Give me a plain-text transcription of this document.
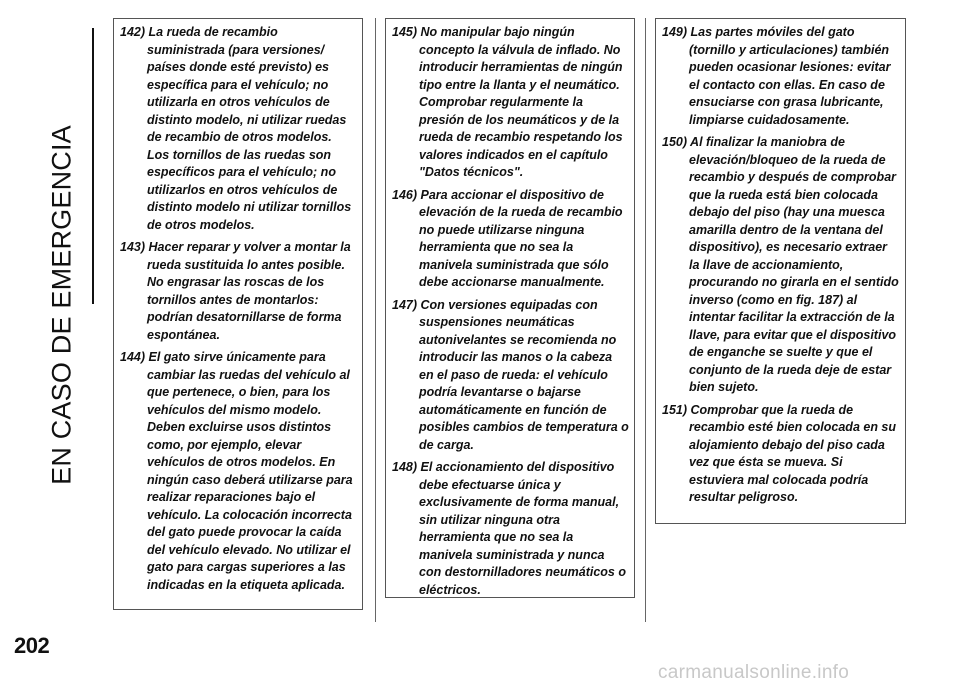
EN CASO DE EMERGENCIA
142) La rueda de recambio suministrada (para versiones/ países donde esté previsto) es específica para el vehículo; no utilizarla en otros vehículos de distinto modelo, ni utilizar ruedas de recambio de otros modelos. Los tornillos de las ruedas son específicos para el vehículo; no utilizarlos en otros vehículos de distinto modelo ni utilizar tornillos de otros modelos.
143) Hacer reparar y volver a montar la rueda sustituida lo antes posible. No engrasar las roscas de los tornillos antes de montarlos: podrían desatornillarse de forma espontánea.
144) El gato sirve únicamente para cambiar las ruedas del vehículo al que pertenece, o bien, para los vehículos del mismo modelo. Deben excluirse usos distintos como, por ejemplo, elevar vehículos de otros modelos. En ningún caso deberá utilizarse para realizar reparaciones bajo el vehículo. La colocación incorrecta del gato puede provocar la caída del vehículo elevado. No utilizar el gato para cargas superiores a las indicadas en la etiqueta aplicada.
145) No manipular bajo ningún concepto la válvula de inflado. No introducir herramientas de ningún tipo entre la llanta y el neumático. Comprobar regularmente la presión de los neumáticos y de la rueda de recambio respetando los valores indicados en el capítulo "Datos técnicos".
146) Para accionar el dispositivo de elevación de la rueda de recambio no puede utilizarse ninguna herramienta que no sea la manivela suministrada que sólo debe accionarse manualmente.
147) Con versiones equipadas con suspensiones neumáticas autonivelantes se recomienda no introducir las manos o la cabeza en el paso de rueda: el vehículo podría levantarse o bajarse automáticamente en función de posibles cambios de temperatura o de carga.
148) El accionamiento del dispositivo debe efectuarse única y exclusivamente de forma manual, sin utilizar ninguna otra herramienta que no sea la manivela suministrada y nunca con destornilladores neumáticos o eléctricos.
149) Las partes móviles del gato (tornillo y articulaciones) también pueden ocasionar lesiones: evitar el contacto con ellas. En caso de ensuciarse con grasa lubricante, limpiarse cuidadosamente.
150) Al finalizar la maniobra de elevación/bloqueo de la rueda de recambio y después de comprobar que la rueda está bien colocada debajo del piso (hay una muesca amarilla dentro de la ventana del dispositivo), es necesario extraer la llave de accionamiento, procurando no girarla en el sentido inverso (como en fig. 187) al intentar facilitar la extracción de la llave, para evitar que el dispositivo de enganche se suelte y que el conjunto de la rueda deje de estar bien sujeto.
151) Comprobar que la rueda de recambio esté bien colocada en su alojamiento debajo del piso cada vez que ésta se mueva. Si estuviera mal colocada podría resultar peligroso.
202
carmanualsonline.info
